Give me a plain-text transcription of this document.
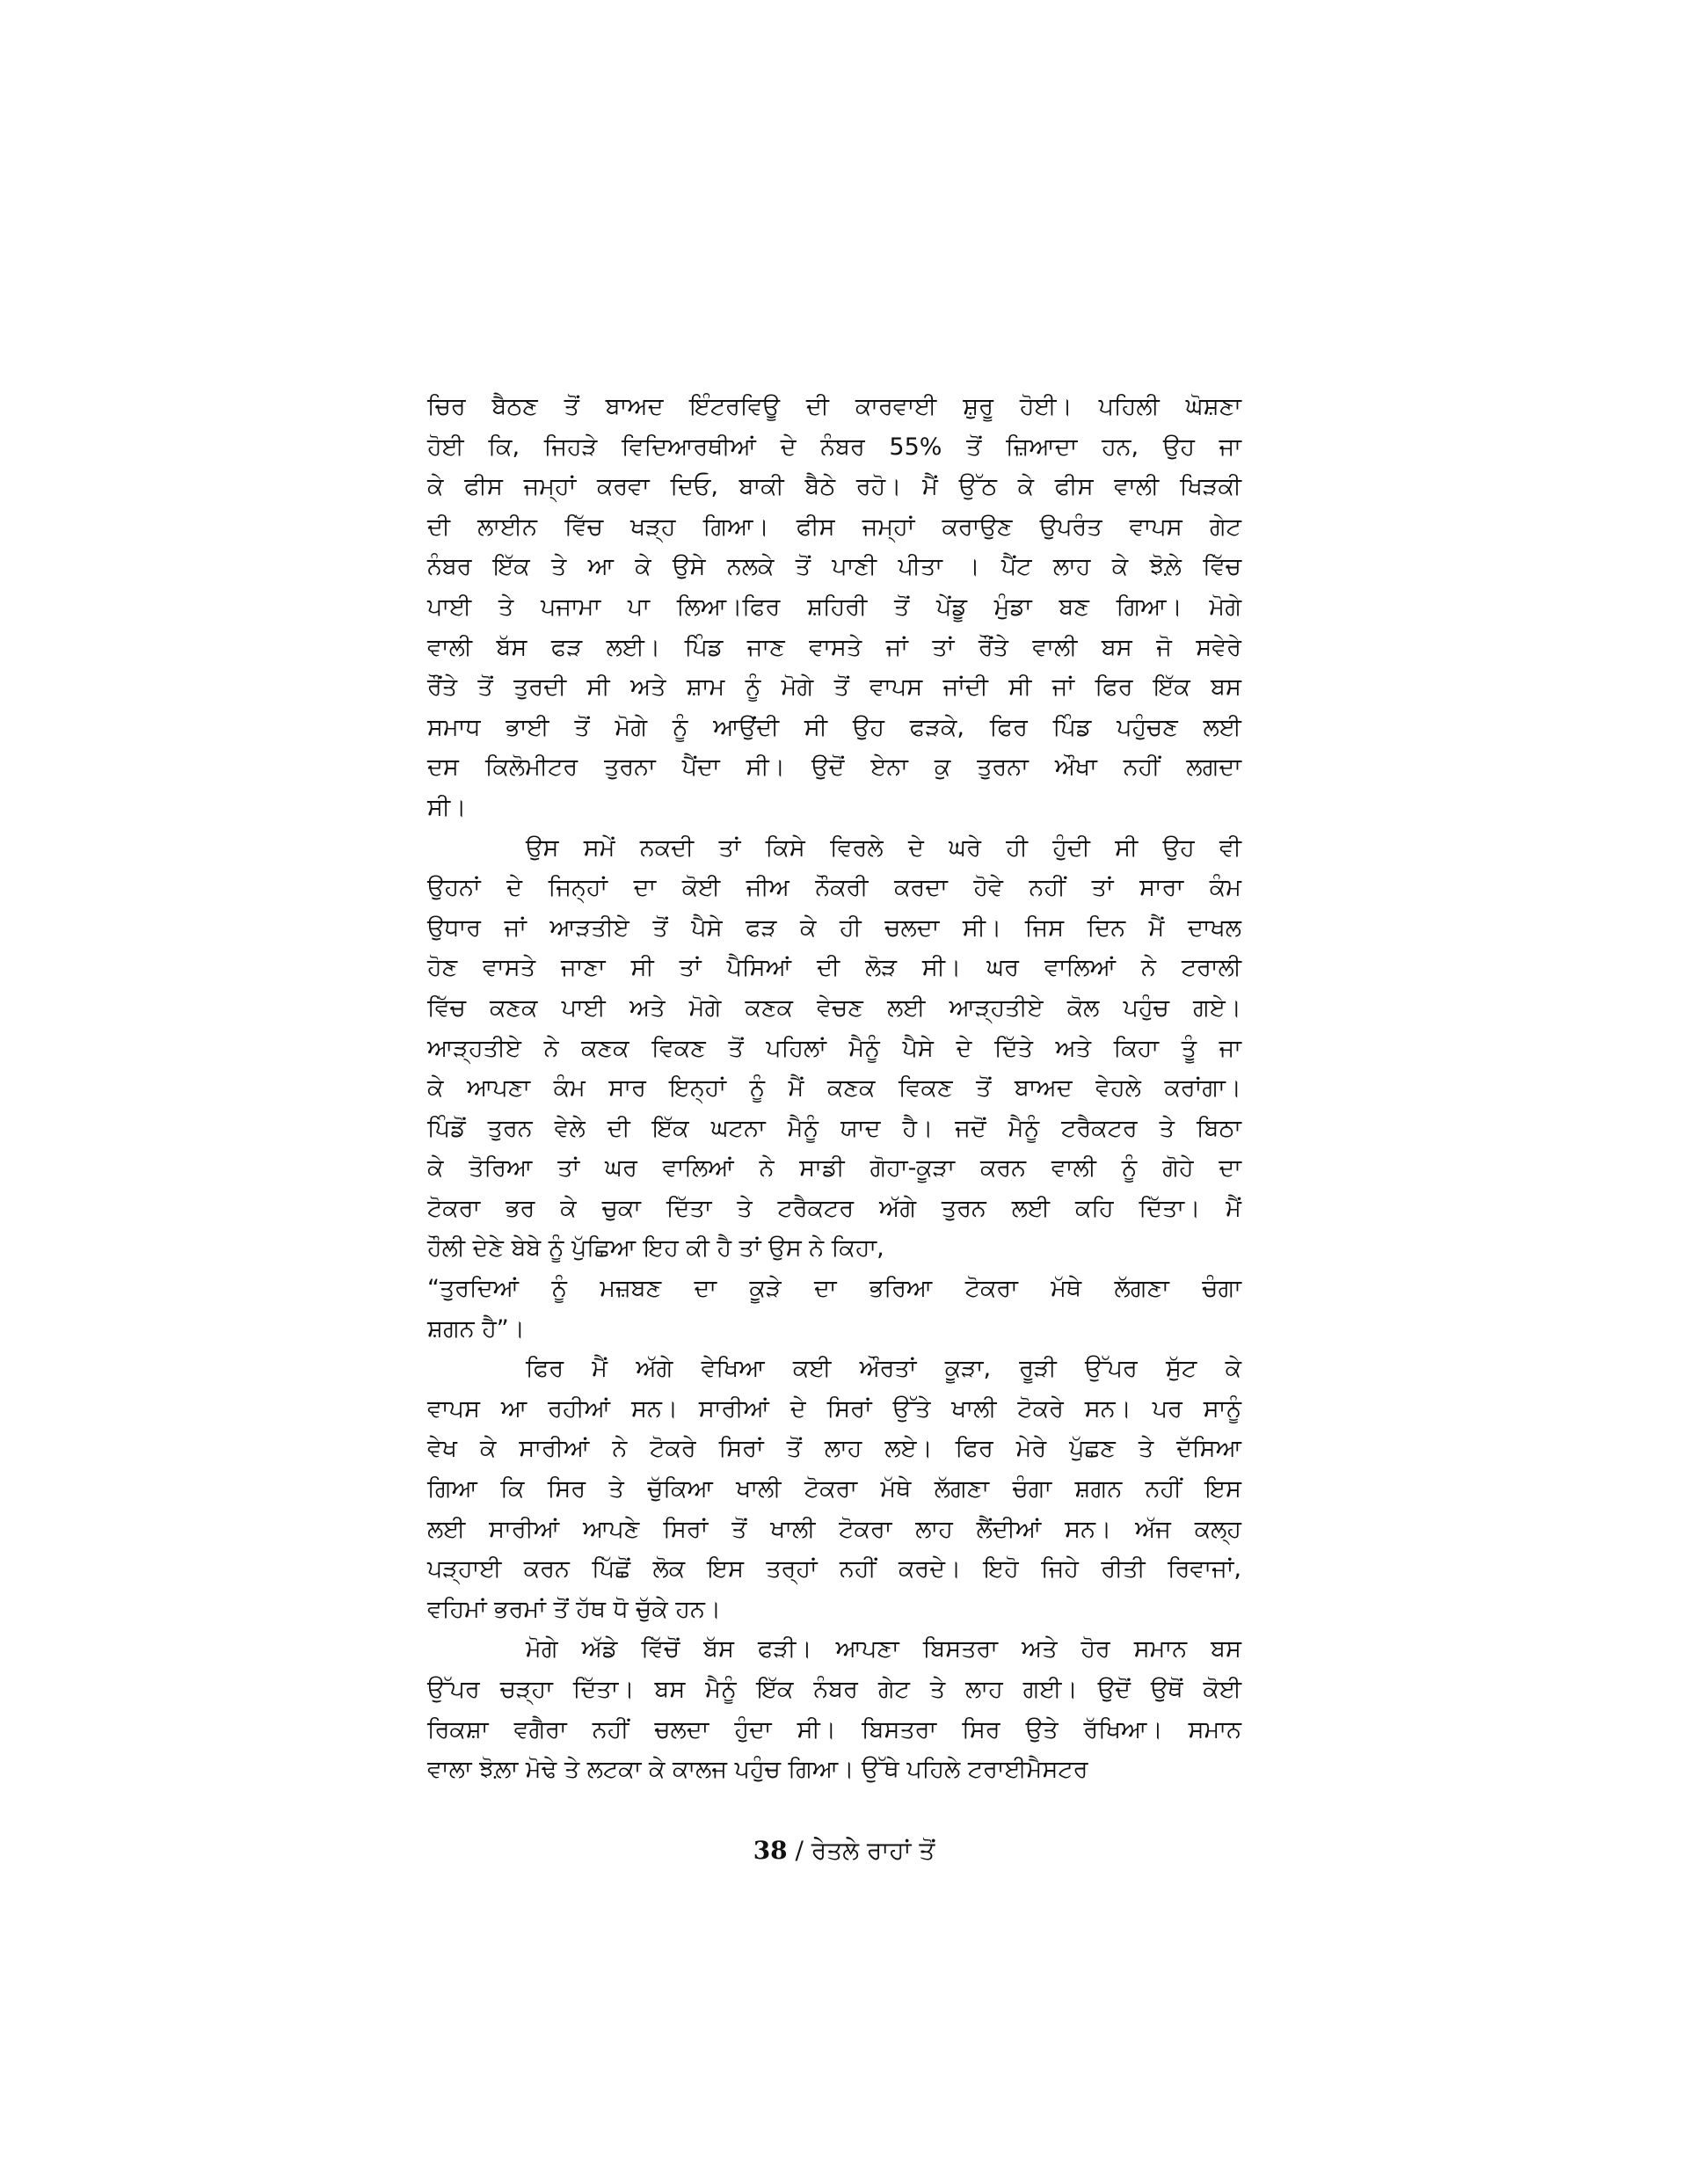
ਚਿਰ ਬੈਠਣ ਤੋਂ ਬਾਅਦ ਇੰਟਰਵਿਊ ਦੀ ਕਾਰਵਾਈ ਸ਼ੁਰੂ ਹੋਈ। ਪਹਿਲੀ ਘੋਸ਼ਣਾ
ਹੋਈ ਕਿ, ਜਿਹੜੇ ਵਿਦਿਆਰਥੀਆਂ ਦੇ ਨੰਬਰ 55% ਤੋਂ ਜ਼ਿਆਦਾ ਹਨ, ਉਹ ਜਾ
ਕੇ ਫੀਸ ਜਮ੍ਹਾਂ ਕਰਵਾ ਦਿਓ, ਬਾਕੀ ਬੈਠੇ ਰਹੋ। ਮੈਂ ਉੱਠ ਕੇ ਫੀਸ ਵਾਲੀ ਖਿੜਕੀ
ਦੀ ਲਾਈਨ ਵਿੱਚ ਖੜ੍ਹ ਗਿਆ। ਫੀਸ ਜਮ੍ਹਾਂ ਕਰਾਉਣ ਉਪਰੰਤ ਵਾਪਸ ਗੇਟ
ਨੰਬਰ ਇੱਕ ਤੇ ਆ ਕੇ ਉਸੇ ਨਲਕੇ ਤੋਂ ਪਾਣੀ ਪੀਤਾ । ਪੈਂਟ ਲਾਹ ਕੇ ਝੋਲ਼ੇ ਵਿੱਚ
ਪਾਈ ਤੇ ਪਜਾਮਾ ਪਾ ਲਿਆ।ਫਿਰ ਸ਼ਹਿਰੀ ਤੋਂ ਪੇਂਡੂ ਮੁੰਡਾ ਬਣ ਗਿਆ। ਮੋਗੇ
ਵਾਲੀ ਬੱਸ ਫੜ ਲਈ। ਪਿੰਡ ਜਾਣ ਵਾਸਤੇ ਜਾਂ ਤਾਂ ਰੌਂਤੇ ਵਾਲੀ ਬਸ ਜੋ ਸਵੇਰੇ
ਰੌਂਤੇ ਤੋਂ ਤੁਰਦੀ ਸੀ ਅਤੇ ਸ਼ਾਮ ਨੂੰ ਮੋਗੇ ਤੋਂ ਵਾਪਸ ਜਾਂਦੀ ਸੀ ਜਾਂ ਫਿਰ ਇੱਕ ਬਸ
ਸਮਾਧ ਭਾਈ ਤੋਂ ਮੋਗੇ ਨੂੰ ਆਉਂਦੀ ਸੀ ਉਹ ਫੜਕੇ, ਫਿਰ ਪਿੰਡ ਪਹੁੰਚਣ ਲਈ
ਦਸ ਕਿਲੋਮੀਟਰ ਤੁਰਨਾ ਪੈਂਦਾ ਸੀ। ਉਦੋਂ ਏਨਾ ਕੁ ਤੁਰਨਾ ਔਖਾ ਨਹੀਂ ਲਗਦਾ
ਸੀ।
ਉਸ ਸਮੇਂ ਨਕਦੀ ਤਾਂ ਕਿਸੇ ਵਿਰਲੇ ਦੇ ਘਰੇ ਹੀ ਹੁੰਦੀ ਸੀ ਉਹ ਵੀ
ਉਹਨਾਂ ਦੇ ਜਿਨ੍ਹਾਂ ਦਾ ਕੋਈ ਜੀਅ ਨੌਕਰੀ ਕਰਦਾ ਹੋਵੇ ਨਹੀਂ ਤਾਂ ਸਾਰਾ ਕੰਮ
ਉਧਾਰ ਜਾਂ ਆੜਤੀਏ ਤੋਂ ਪੈਸੇ ਫੜ ਕੇ ਹੀ ਚਲਦਾ ਸੀ। ਜਿਸ ਦਿਨ ਮੈਂ ਦਾਖਲ
ਹੋਣ ਵਾਸਤੇ ਜਾਣਾ ਸੀ ਤਾਂ ਪੈਸਿਆਂ ਦੀ ਲੋੜ ਸੀ। ਘਰ ਵਾਲਿਆਂ ਨੇ ਟਰਾਲੀ
ਵਿੱਚ ਕਣਕ ਪਾਈ ਅਤੇ ਮੋਗੇ ਕਣਕ ਵੇਚਣ ਲਈ ਆੜ੍ਹਤੀਏ ਕੋਲ ਪਹੁੰਚ ਗਏ।
ਆੜ੍ਹਤੀਏ ਨੇ ਕਣਕ ਵਿਕਣ ਤੋਂ ਪਹਿਲਾਂ ਮੈਨੂੰ ਪੈਸੇ ਦੇ ਦਿੱਤੇ ਅਤੇ ਕਿਹਾ ਤੂੰ ਜਾ
ਕੇ ਆਪਣਾ ਕੰਮ ਸਾਰ ਇਨ੍ਹਾਂ ਨੂੰ ਮੈਂ ਕਣਕ ਵਿਕਣ ਤੋਂ ਬਾਅਦ ਵੇਹਲੇ ਕਰਾਂਗਾ।
ਪਿੰਡੋਂ ਤੁਰਨ ਵੇਲੇ ਦੀ ਇੱਕ ਘਟਨਾ ਮੈਨੂੰ ਯਾਦ ਹੈ। ਜਦੋਂ ਮੈਨੂੰ ਟਰੈਕਟਰ ਤੇ ਬਿਠਾ
ਕੇ ਤੋਰਿਆ ਤਾਂ ਘਰ ਵਾਲਿਆਂ ਨੇ ਸਾਡੀ ਗੋਹਾ-ਕੂੜਾ ਕਰਨ ਵਾਲੀ ਨੂੰ ਗੋਹੇ ਦਾ
ਟੋਕਰਾ ਭਰ ਕੇ ਚੁਕਾ ਦਿੱਤਾ ਤੇ ਟਰੈਕਟਰ ਅੱਗੇ ਤੁਰਨ ਲਈ ਕਹਿ ਦਿੱਤਾ। ਮੈਂ
ਹੌਲੀ ਦੇਣੇ ਬੇਬੇ ਨੂੰ ਪੁੱਛਿਆ ਇਹ ਕੀ ਹੈ ਤਾਂ ਉਸ ਨੇ ਕਿਹਾ,
“ਤੁਰਦਿਆਂ ਨੂੰ ਮਜ਼ਬਣ ਦਾ ਕੂੜੇ ਦਾ ਭਰਿਆ ਟੋਕਰਾ ਮੱਥੇ ਲੱਗਣਾ ਚੰਗਾ
ਸ਼ਗਨ ਹੈ”।
ਫਿਰ ਮੈਂ ਅੱਗੇ ਵੇਖਿਆ ਕਈ ਔਰਤਾਂ ਕੂੜਾ, ਰੂੜੀ ਉੱਪਰ ਸੁੱਟ ਕੇ
ਵਾਪਸ ਆ ਰਹੀਆਂ ਸਨ। ਸਾਰੀਆਂ ਦੇ ਸਿਰਾਂ ਉੱਤੇ ਖਾਲੀ ਟੋਕਰੇ ਸਨ। ਪਰ ਸਾਨੂੰ
ਵੇਖ ਕੇ ਸਾਰੀਆਂ ਨੇ ਟੋਕਰੇ ਸਿਰਾਂ ਤੋਂ ਲਾਹ ਲਏ। ਫਿਰ ਮੇਰੇ ਪੁੱਛਣ ਤੇ ਦੱਸਿਆ
ਗਿਆ ਕਿ ਸਿਰ ਤੇ ਚੁੱਕਿਆ ਖਾਲੀ ਟੋਕਰਾ ਮੱਥੇ ਲੱਗਣਾ ਚੰਗਾ ਸ਼ਗਨ ਨਹੀਂ ਇਸ
ਲਈ ਸਾਰੀਆਂ ਆਪਣੇ ਸਿਰਾਂ ਤੋਂ ਖਾਲੀ ਟੋਕਰਾ ਲਾਹ ਲੈਂਦੀਆਂ ਸਨ। ਅੱਜ ਕਲ੍ਹ
ਪੜ੍ਹਾਈ ਕਰਨ ਪਿੱਛੋਂ ਲੋਕ ਇਸ ਤਰ੍ਹਾਂ ਨਹੀਂ ਕਰਦੇ। ਇਹੋ ਜਿਹੇ ਰੀਤੀ ਰਿਵਾਜਾਂ,
ਵਹਿਮਾਂ ਭਰਮਾਂ ਤੋਂ ਹੱਥ ਧੋ ਚੁੱਕੇ ਹਨ।
ਮੋਗੇ ਅੱਡੇ ਵਿੱਚੋਂ ਬੱਸ ਫੜੀ। ਆਪਣਾ ਬਿਸਤਰਾ ਅਤੇ ਹੋਰ ਸਮਾਨ ਬਸ
ਉੱਪਰ ਚੜ੍ਹਾ ਦਿੱਤਾ। ਬਸ ਮੈਨੂੰ ਇੱਕ ਨੰਬਰ ਗੇਟ ਤੇ ਲਾਹ ਗਈ। ਉਦੋਂ ਉਥੋਂ ਕੋਈ
ਰਿਕਸ਼ਾ ਵਗੈਰਾ ਨਹੀਂ ਚਲਦਾ ਹੁੰਦਾ ਸੀ। ਬਿਸਤਰਾ ਸਿਰ ਉਤੇ ਰੱਖਿਆ। ਸਮਾਨ
ਵਾਲਾ ਝੋਲ਼ਾ ਮੋਢੇ ਤੇ ਲਟਕਾ ਕੇ ਕਾਲਜ ਪਹੁੰਚ ਗਿਆ। ਉੱਥੇ ਪਹਿਲੇ ਟਰਾਈਮੈਸਟਰ
38 / ਰੇਤਲੇ ਰਾਹਾਂ ਤੋਂ
